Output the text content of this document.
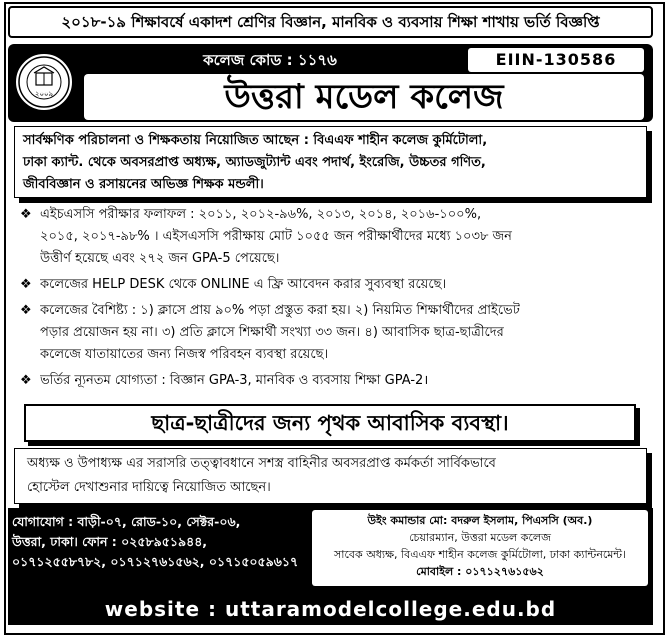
২০১৮-১৯ শিক্ষাবর্ষে একাদশ শ্রেণির বিজ্ঞান, মানবিক ও ব্যবসায় শিক্ষা শাখায় ভর্তি বিজ্ঞপ্তি
২০০৯
কলেজ কোড : ১১৭৬	EIIN-130586
উত্তরা মডেল কলেজ
সার্বক্ষণিক পরিচালনা ও শিক্ষকতায় নিয়োজিত আছেন : বিএএফ শাহীন কলেজ কুর্মিটোলা,
ঢাকা ক্যান্ট. থেকে অবসরপ্রাপ্ত অধ্যক্ষ, অ্যাডজুট্যান্ট এবং পদার্থ, ইংরেজি, উচ্চতর গণিত,
জীববিজ্ঞান ও রসায়নের অভিজ্ঞ শিক্ষক মন্ডলী।
❖ এইচএসসি পরীক্ষার ফলাফল : ২০১১, ২০১২-৯৬%, ২০১৩, ২০১৪, ২০১৬-১০০%,
২০১৫, ২০১৭-৯৮% । এইসএসসি পরীক্ষায় মোট ১০৫৫ জন পরীক্ষার্থীদের মধ্যে ১০৩৮ জন
উত্তীর্ণ হয়েছে এবং ২৭২ জন GPA-5 পেয়েছে।
❖ কলেজের HELP DESK থেকে ONLINE এ ফ্রি আবেদন করার সুব্যবস্থা রয়েছে।
❖ কলেজের বৈশিষ্ট্য : ১) ক্লাসে প্রায় ৯০% পড়া প্রস্তুত করা হয়। ২) নিয়মিত শিক্ষার্থীদের প্রাইভেট
পড়ার প্রয়োজন হয় না। ৩) প্রতি ক্লাসে শিক্ষার্থী সংখ্যা ৩৩ জন। ৪) আবাসিক ছাত্র-ছাত্রীদের
কলেজে যাতায়াতের জন্য নিজস্ব পরিবহন ব্যবস্থা রয়েছে।
❖ ভর্তির ন্যূনতম যোগ্যতা : বিজ্ঞান GPA-3, মানবিক ও ব্যবসায় শিক্ষা GPA-2।
ছাত্র-ছাত্রীদের জন্য পৃথক আবাসিক ব্যবস্থা।
অধ্যক্ষ ও উপাধ্যক্ষ এর সরাসরি তত্ত্বাবধানে সশস্ত্র বাহিনীর অবসরপ্রাপ্ত কর্মকর্তা সার্বিকভাবে
হোস্টেল দেখাশুনার দায়িত্বে নিয়োজিত আছেন।
যোগাযোগ : বাড়ী-০৭, রোড-১০, সেক্টর-০৬,
উত্তরা, ঢাকা। ফোন : ০২৫৮৯৫১৯৪৪,
০১৭১২৫৫৮৭৮২, ০১৭১২৭৬১৫৬২, ০১৭১৫০৫৯৬১৭
উইং কমান্ডার মো: বদরুল ইসলাম, পিএসসি (অব.)
চেয়ারম্যান, উত্তরা মডেল কলেজ
সাবেক অধ্যক্ষ, বিএএফ শাহীন কলেজ কুর্মিটোলা, ঢাকা ক্যান্টনমেন্ট।
মোবাইল : ০১৭১২৭৬১৫৬২
website : uttaramodelcollege.edu.bd
